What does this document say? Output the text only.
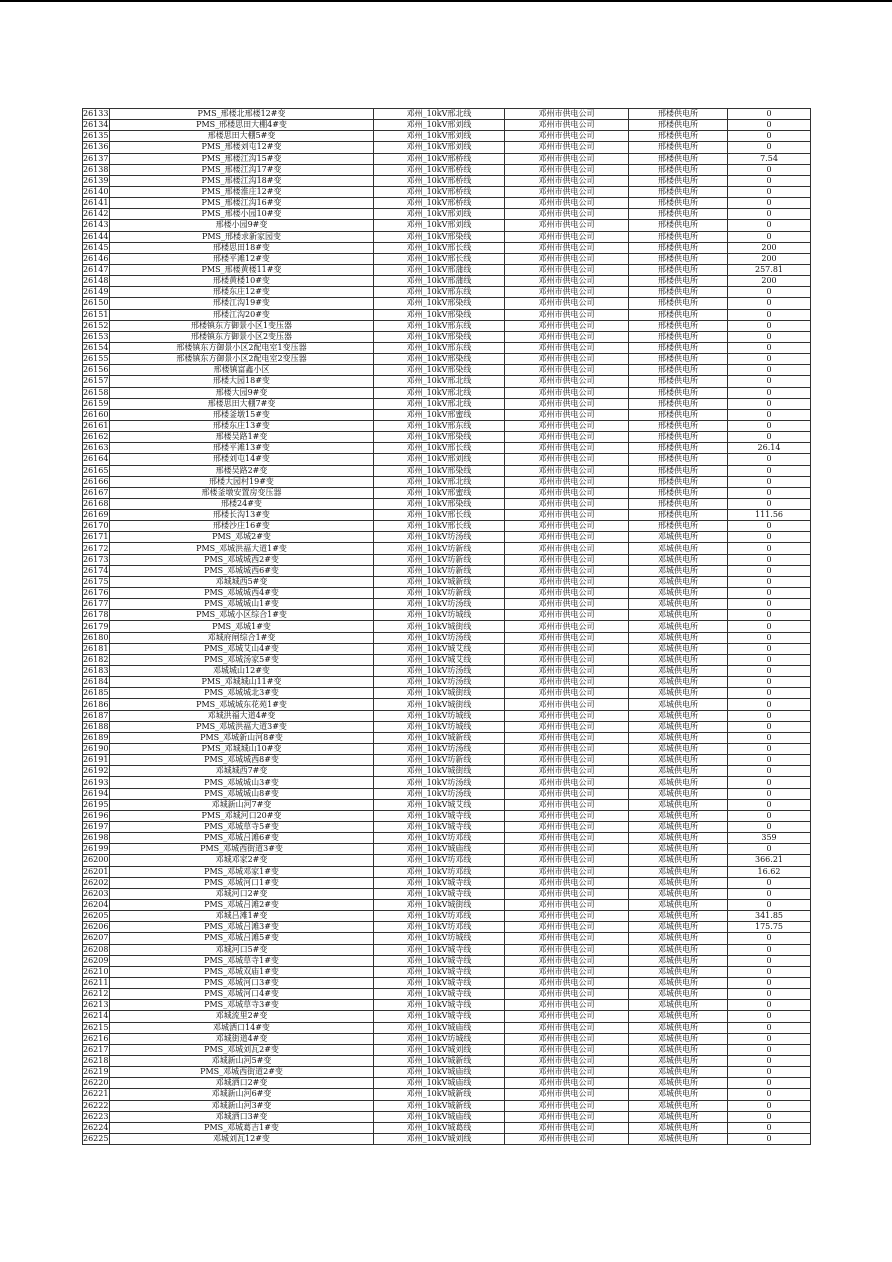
26133	PMS_邢楼北邢楼12#变	邓州_10kV邢北线	邓州市供电公司	邢楼供电所	0
26134	PMS_邢楼思田大棚4#变	邓州_10kV邢刘线	邓州市供电公司	邢楼供电所	0
26135	邢楼思田大棚5#变	邓州_10kV邢刘线	邓州市供电公司	邢楼供电所	0
26136	PMS_邢楼刘屯12#变	邓州_10kV邢刘线	邓州市供电公司	邢楼供电所	0
26137	PMS_邢楼江沟15#变	邓州_10kV邢桥线	邓州市供电公司	邢楼供电所	7.54
26138	PMS_邢楼江沟17#变	邓州_10kV邢桥线	邓州市供电公司	邢楼供电所	0
26139	PMS_邢楼江沟18#变	邓州_10kV邢桥线	邓州市供电公司	邢楼供电所	0
26140	PMS_邢楼淮庄12#变	邓州_10kV邢桥线	邓州市供电公司	邢楼供电所	0
26141	PMS_邢楼江沟16#变	邓州_10kV邢桥线	邓州市供电公司	邢楼供电所	0
26142	PMS_邢楼小园10#变	邓州_10kV邢刘线	邓州市供电公司	邢楼供电所	0
26143	邢楼小园9#变	邓州_10kV邢刘线	邓州市供电公司	邢楼供电所	0
26144	PMS_邢楼求新家园变	邓州_10kV邢染线	邓州市供电公司	邢楼供电所	0
26145	邢楼思田18#变	邓州_10kV邢长线	邓州市供电公司	邢楼供电所	200
26146	邢楼平滩12#变	邓州_10kV邢长线	邓州市供电公司	邢楼供电所	200
26147	PMS_邢楼黄楼11#变	邓州_10kV邢蒲线	邓州市供电公司	邢楼供电所	257.81
26148	邢楼黄楼10#变	邓州_10kV邢蒲线	邓州市供电公司	邢楼供电所	200
26149	邢楼东庄12#变	邓州_10kV邢东线	邓州市供电公司	邢楼供电所	0
26150	邢楼江沟19#变	邓州_10kV邢染线	邓州市供电公司	邢楼供电所	0
26151	邢楼江沟20#变	邓州_10kV邢染线	邓州市供电公司	邢楼供电所	0
26152	邢楼镇东方御景小区1变压器	邓州_10kV邢东线	邓州市供电公司	邢楼供电所	0
26153	邢楼镇东方御景小区2变压器	邓州_10kV邢染线	邓州市供电公司	邢楼供电所	0
26154	邢楼镇东方御景小区2配电室1变压器	邓州_10kV邢东线	邓州市供电公司	邢楼供电所	0
26155	邢楼镇东方御景小区2配电室2变压器	邓州_10kV邢染线	邓州市供电公司	邢楼供电所	0
26156	邢楼镇富鑫小区	邓州_10kV邢染线	邓州市供电公司	邢楼供电所	0
26157	邢楼大园18#变	邓州_10kV邢北线	邓州市供电公司	邢楼供电所	0
26158	邢楼大园9#变	邓州_10kV邢北线	邓州市供电公司	邢楼供电所	0
26159	邢楼思田大棚7#变	邓州_10kV邢北线	邓州市供电公司	邢楼供电所	0
26160	邢楼釜墩15#变	邓州_10kV邢蜜线	邓州市供电公司	邢楼供电所	0
26161	邢楼东庄13#变	邓州_10kV邢东线	邓州市供电公司	邢楼供电所	0
26162	邢楼吴路1#变	邓州_10kV邢染线	邓州市供电公司	邢楼供电所	0
26163	邢楼平滩13#变	邓州_10kV邢长线	邓州市供电公司	邢楼供电所	26.14
26164	邢楼刘屯14#变	邓州_10kV邢刘线	邓州市供电公司	邢楼供电所	0
26165	邢楼吴路2#变	邓州_10kV邢染线	邓州市供电公司	邢楼供电所	0
26166	邢楼大园村19#变	邓州_10kV邢北线	邓州市供电公司	邢楼供电所	0
26167	邢楼釜墩安置房变压器	邓州_10kV邢蜜线	邓州市供电公司	邢楼供电所	0
26168	邢楼24#变	邓州_10kV邢染线	邓州市供电公司	邢楼供电所	0
26169	邢楼长沟13#变	邓州_10kV邢长线	邓州市供电公司	邢楼供电所	111.56
26170	邢楼沙庄16#变	邓州_10kV邢长线	邓州市供电公司	邢楼供电所	0
26171	PMS_邓城2#变	邓州_10kV坊汤线	邓州市供电公司	邓城供电所	0
26172	PMS_邓城洪福大道1#变	邓州_10kV坊新线	邓州市供电公司	邓城供电所	0
26173	PMS_邓城城西2#变	邓州_10kV坊新线	邓州市供电公司	邓城供电所	0
26174	PMS_邓城城西6#变	邓州_10kV坊新线	邓州市供电公司	邓城供电所	0
26175	邓城城西5#变	邓州_10kV城新线	邓州市供电公司	邓城供电所	0
26176	PMS_邓城城西4#变	邓州_10kV坊新线	邓州市供电公司	邓城供电所	0
26177	PMS_邓城城山1#变	邓州_10kV坊汤线	邓州市供电公司	邓城供电所	0
26178	PMS_邓城小区综合1#变	邓州_10kV坊城线	邓州市供电公司	邓城供电所	0
26179	PMS_邓城1#变	邓州_10kV城街线	邓州市供电公司	邓城供电所	0
26180	邓城府闸综合1#变	邓州_10kV坊汤线	邓州市供电公司	邓城供电所	0
26181	PMS_邓城艾山4#变	邓州_10kV城艾线	邓州市供电公司	邓城供电所	0
26182	PMS_邓城汤家5#变	邓州_10kV城艾线	邓州市供电公司	邓城供电所	0
26183	邓城城山12#变	邓州_10kV坊汤线	邓州市供电公司	邓城供电所	0
26184	PMS_邓城城山11#变	邓州_10kV坊汤线	邓州市供电公司	邓城供电所	0
26185	PMS_邓城城北3#变	邓州_10kV城街线	邓州市供电公司	邓城供电所	0
26186	PMS_邓城城东花苑1#变	邓州_10kV城街线	邓州市供电公司	邓城供电所	0
26187	邓城洪福大道4#变	邓州_10kV坊城线	邓州市供电公司	邓城供电所	0
26188	PMS_邓城洪福大道3#变	邓州_10kV坊城线	邓州市供电公司	邓城供电所	0
26189	PMS_邓城新山河8#变	邓州_10kV城新线	邓州市供电公司	邓城供电所	0
26190	PMS_邓城城山10#变	邓州_10kV坊汤线	邓州市供电公司	邓城供电所	0
26191	PMS_邓城城西8#变	邓州_10kV坊新线	邓州市供电公司	邓城供电所	0
26192	邓城城西7#变	邓州_10kV城街线	邓州市供电公司	邓城供电所	0
26193	PMS_邓城城山3#变	邓州_10kV坊汤线	邓州市供电公司	邓城供电所	0
26194	PMS_邓城城山8#变	邓州_10kV坊汤线	邓州市供电公司	邓城供电所	0
26195	邓城新山河7#变	邓州_10kV城艾线	邓州市供电公司	邓城供电所	0
26196	PMS_邓城河口20#变	邓州_10kV城寺线	邓州市供电公司	邓城供电所	0
26197	PMS_邓城草寺5#变	邓州_10kV城寺线	邓州市供电公司	邓城供电所	0
26198	PMS_邓城吕滩6#变	邓州_10kV坊邓线	邓州市供电公司	邓城供电所	359
26199	PMS_邓城西街道3#变	邓州_10kV城庙线	邓州市供电公司	邓城供电所	0
26200	邓城邓家2#变	邓州_10kV坊邓线	邓州市供电公司	邓城供电所	366.21
26201	PMS_邓城邓家1#变	邓州_10kV坊邓线	邓州市供电公司	邓城供电所	16.62
26202	PMS_邓城河口1#变	邓州_10kV城寺线	邓州市供电公司	邓城供电所	0
26203	邓城河口2#变	邓州_10kV城寺线	邓州市供电公司	邓城供电所	0
26204	PMS_邓城吕滩2#变	邓州_10kV城街线	邓州市供电公司	邓城供电所	0
26205	邓城吕滩1#变	邓州_10kV坊邓线	邓州市供电公司	邓城供电所	341.85
26206	PMS_邓城吕滩3#变	邓州_10kV坊邓线	邓州市供电公司	邓城供电所	175.75
26207	PMS_邓城吕滩5#变	邓州_10kV坊城线	邓州市供电公司	邓城供电所	0
26208	邓城河口5#变	邓州_10kV城寺线	邓州市供电公司	邓城供电所	0
26209	PMS_邓城草寺1#变	邓州_10kV城寺线	邓州市供电公司	邓城供电所	0
26210	PMS_邓城双庙1#变	邓州_10kV城寺线	邓州市供电公司	邓城供电所	0
26211	PMS_邓城河口3#变	邓州_10kV城寺线	邓州市供电公司	邓城供电所	0
26212	PMS_邓城河口4#变	邓州_10kV城寺线	邓州市供电公司	邓城供电所	0
26213	PMS_邓城草寺3#变	邓州_10kV城寺线	邓州市供电公司	邓城供电所	0
26214	邓城流里2#变	邓州_10kV城寺线	邓州市供电公司	邓城供电所	0
26215	邓城洒口14#变	邓州_10kV城庙线	邓州市供电公司	邓城供电所	0
26216	邓城街道4#变	邓州_10kV坊城线	邓州市供电公司	邓城供电所	0
26217	PMS_邓城刘瓦2#变	邓州_10kV城刘线	邓州市供电公司	邓城供电所	0
26218	邓城新山河5#变	邓州_10kV城新线	邓州市供电公司	邓城供电所	0
26219	PMS_邓城西街道2#变	邓州_10kV城庙线	邓州市供电公司	邓城供电所	0
26220	邓城洒口2#变	邓州_10kV城庙线	邓州市供电公司	邓城供电所	0
26221	邓城新山河6#变	邓州_10kV城新线	邓州市供电公司	邓城供电所	0
26222	邓城新山河3#变	邓州_10kV城新线	邓州市供电公司	邓城供电所	0
26223	邓城洒口3#变	邓州_10kV城庙线	邓州市供电公司	邓城供电所	0
26224	PMS_邓城葛吉1#变	邓州_10kV城葛线	邓州市供电公司	邓城供电所	0
26225	邓城刘瓦12#变	邓州_10kV城刘线	邓州市供电公司	邓城供电所	0
